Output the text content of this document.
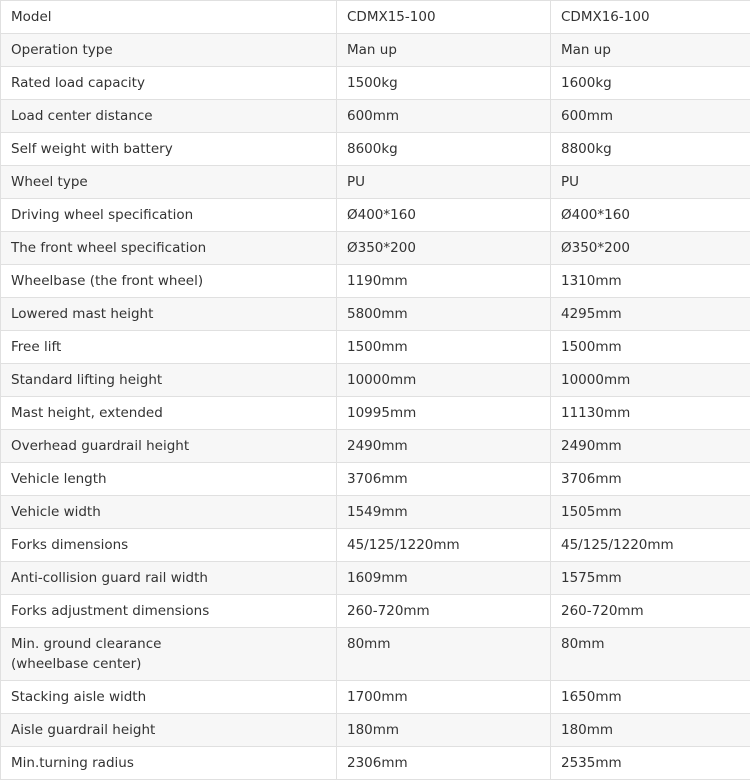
Model	CDMX15-100	CDMX16-100
Operation type	Man up	Man up
Rated load capacity	1500kg	1600kg
Load center distance	600mm	600mm
Self weight with battery	8600kg	8800kg
Wheel type	PU	PU
Driving wheel specification	Ø400*160	Ø400*160
The front wheel specification	Ø350*200	Ø350*200
Wheelbase (the front wheel)	1190mm	1310mm
Lowered mast height	5800mm	4295mm
Free lift	1500mm	1500mm
Standard lifting height	10000mm	10000mm
Mast height, extended	10995mm	11130mm
Overhead guardrail height	2490mm	2490mm
Vehicle length	3706mm	3706mm
Vehicle width	1549mm	1505mm
Forks dimensions	45/125/1220mm	45/125/1220mm
Anti-collision guard rail width	1609mm	1575mm
Forks adjustment dimensions	260-720mm	260-720mm
Min. ground clearance
(wheelbase center)	80mm	80mm
Stacking aisle width	1700mm	1650mm
Aisle guardrail height	180mm	180mm
Min.turning radius	2306mm	2535mm
